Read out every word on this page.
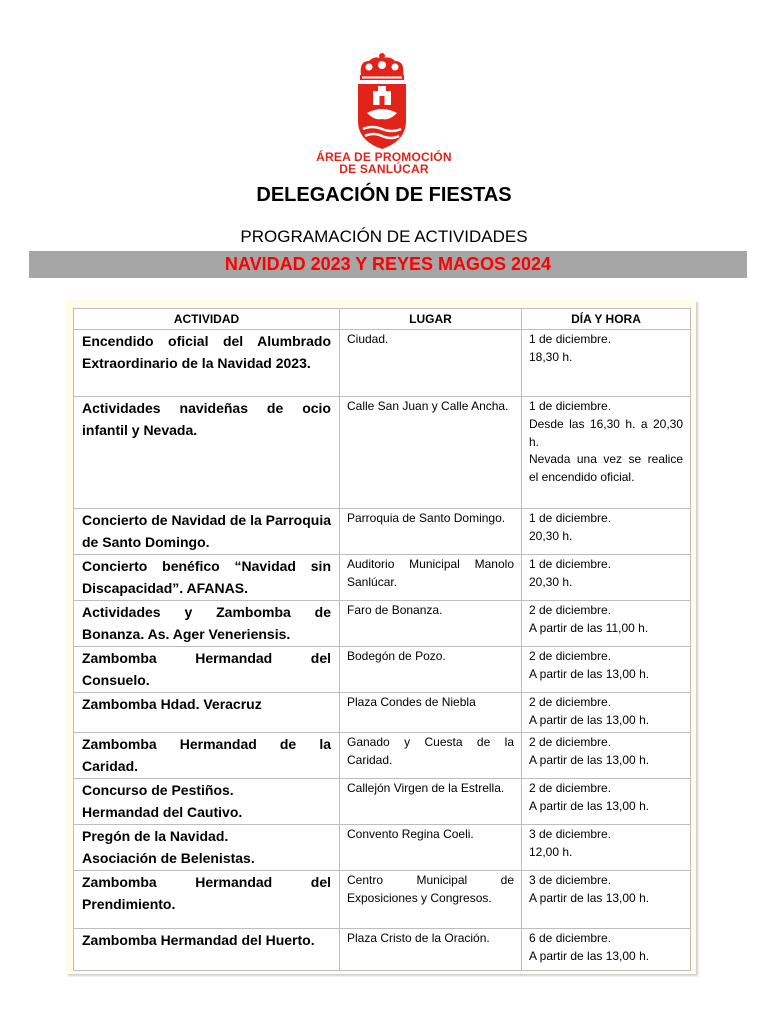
ÁREA DE PROMOCIÓN
DE SANLÚCAR
DELEGACIÓN DE FIESTAS
PROGRAMACIÓN DE ACTIVIDADES
NAVIDAD 2023 Y REYES MAGOS 2024
ACTIVIDAD	LUGAR	DÍA Y HORA
Encendido oficial del Alumbrado Extraordinario de la Navidad 2023.	Ciudad.	1 de diciembre.
18,30 h.

Actividades navideñas de ocio infantil y Nevada.	Calle San Juan y Calle Ancha.	1 de diciembre.
Desde las 16,30 h. a 20,30 h.
Nevada una vez se realice el encendido oficial.

Concierto de Navidad de la Parroquia de Santo Domingo.	Parroquia de Santo Domingo.	1 de diciembre.
20,30 h.

Concierto benéfico “Navidad sin Discapacidad”. AFANAS.	Auditorio Municipal Manolo Sanlúcar.	1 de diciembre.
20,30 h.

Actividades y Zambomba de Bonanza. As. Ager Veneriensis.	Faro de Bonanza.	2 de diciembre.
A partir de las 11,00 h.

Zambomba Hermandad del Consuelo.	Bodegón de Pozo.	2 de diciembre.
A partir de las 13,00 h.

Zambomba Hdad. Veracruz	Plaza Condes de Niebla	2 de diciembre.
A partir de las 13,00 h.

Zambomba Hermandad de la Caridad.	Ganado y Cuesta de la Caridad.	2 de diciembre.
A partir de las 13,00 h.

Concurso de Pestiños.
Hermandad del Cautivo.	Callejón Virgen de la Estrella.	2 de diciembre.
A partir de las 13,00 h.

Pregón de la Navidad.
Asociación de Belenistas.	Convento Regina Coeli.	3 de diciembre.
12,00 h.

Zambomba Hermandad del Prendimiento.	Centro Municipal de Exposiciones y Congresos.	3 de diciembre.
A partir de las 13,00 h.

Zambomba Hermandad del Huerto.	Plaza Cristo de la Oración.	6 de diciembre.
A partir de las 13,00 h.
